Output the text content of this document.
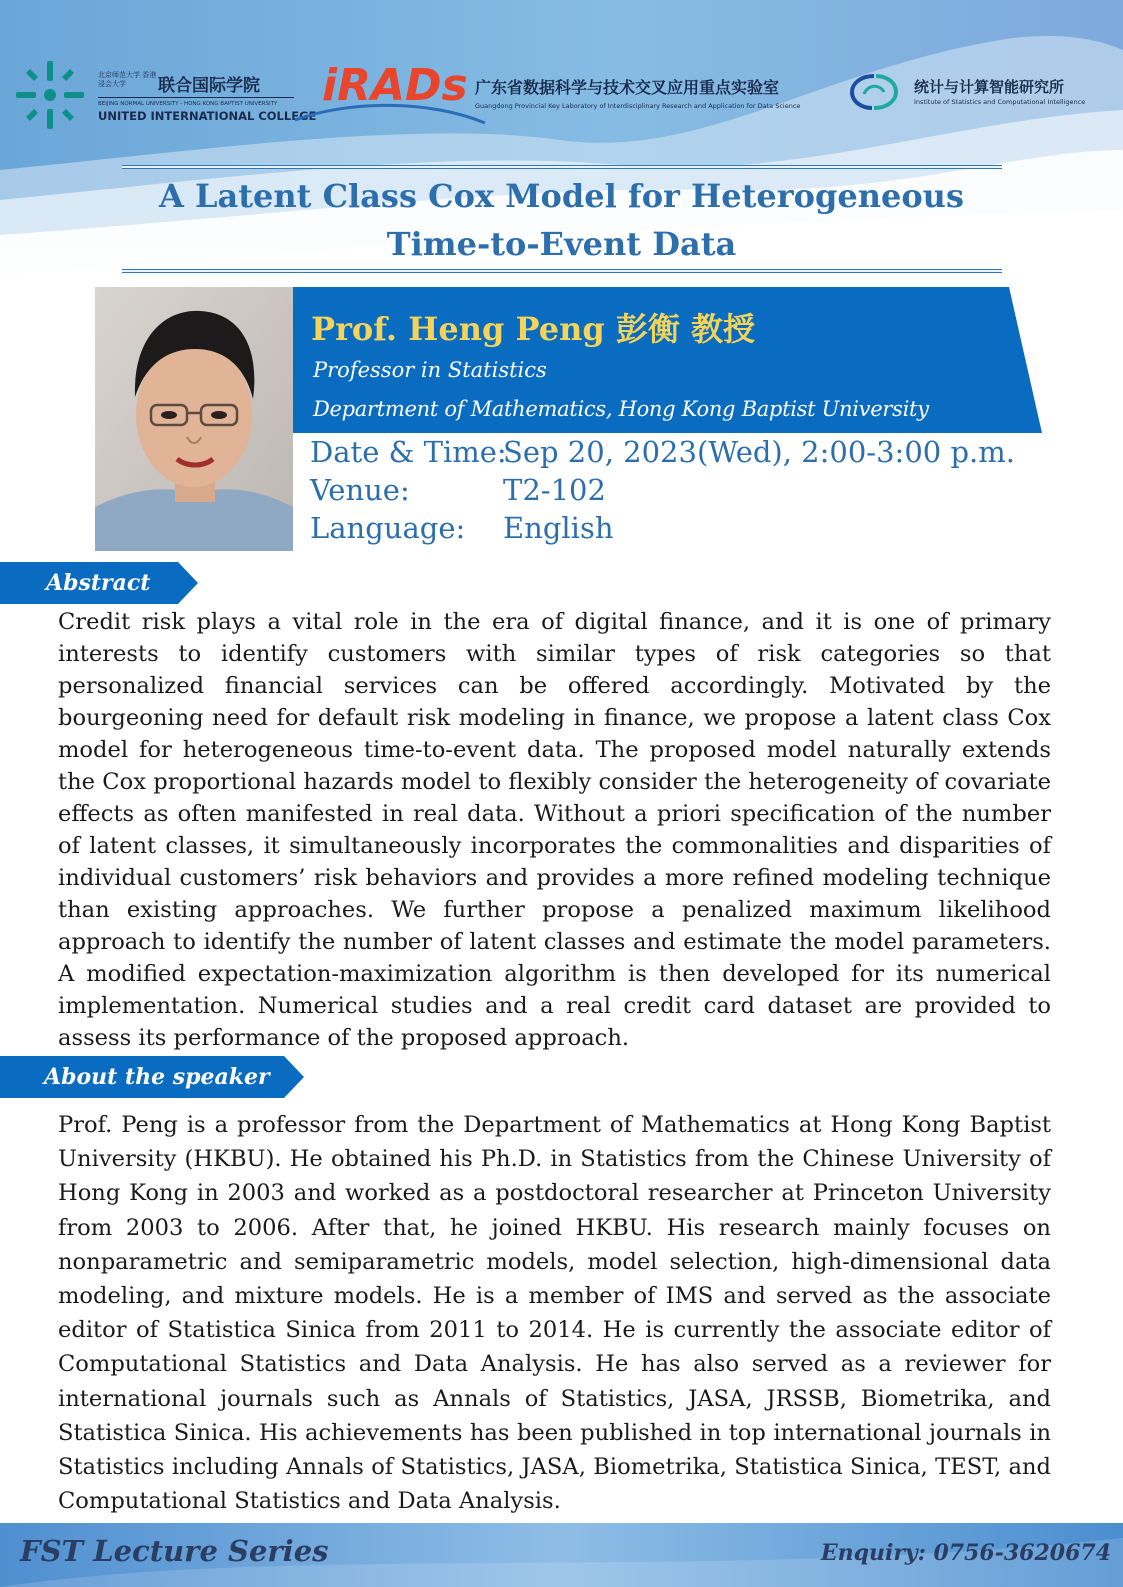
北京师范大学 香港浸会大学	联合国际学院
BEIJING NORMAL UNIVERSITY - HONG KONG BAPTIST UNIVERSITY
UNITED INTERNATIONAL COLLEGE
iRADs 广东省数据科学与技术交叉应用重点实验室
Guangdong Provincial Key Laboratory of Interdisciplinary Research and Application for Data Science
统计与计算智能研究所
Institute of Statistics and Computational Intelligence
A Latent Class Cox Model for Heterogeneous
Time-to-Event Data
Prof. Heng Peng 彭衡 教授
Professor in Statistics
Department of Mathematics, Hong Kong Baptist University
Date & Time:
Sep 20, 2023(Wed), 2:00-3:00 p.m.
Venue:	T2-102
Language: English
Abstract

Credit risk plays a vital role in the era of digital finance, and it is one of primary interests to identify customers with similar types of risk categories so that personalized financial services can be offered accordingly. Motivated by the bourgeoning need for default risk modeling in finance, we propose a latent class Cox model for heterogeneous time-to-event data. The proposed model naturally extends the Cox proportional hazards model to flexibly consider the heterogeneity of covariate effects as often manifested in real data. Without a priori specification of the number of latent classes, it simultaneously incorporates the commonalities and disparities of individual customers’ risk behaviors and provides a more refined modeling technique than existing approaches. We further propose a penalized maximum likelihood approach to identify the number of latent classes and estimate the model parameters. A modified expectation-maximization algorithm is then developed for its numerical implementation. Numerical studies and a real credit card dataset are provided to assess its performance of the proposed approach.

About the speaker

Prof. Peng is a professor from the Department of Mathematics at Hong Kong Baptist University (HKBU). He obtained his Ph.D. in Statistics from the Chinese University of Hong Kong in 2003 and worked as a postdoctoral researcher at Princeton University from 2003 to 2006. After that, he joined HKBU. His research mainly focuses on nonparametric and semiparametric models, model selection, high-dimensional data modeling, and mixture models. He is a member of IMS and served as the associate editor of Statistica Sinica from 2011 to 2014. He is currently the associate editor of Computational Statistics and Data Analysis. He has also served as a reviewer for international journals such as Annals of Statistics, JASA, JRSSB, Biometrika, and Statistica Sinica. His achievements has been published in top international journals in Statistics including Annals of Statistics, JASA, Biometrika, Statistica Sinica, TEST, and Computational Statistics and Data Analysis.

FST Lecture Series	Enquiry: 0756-3620674
